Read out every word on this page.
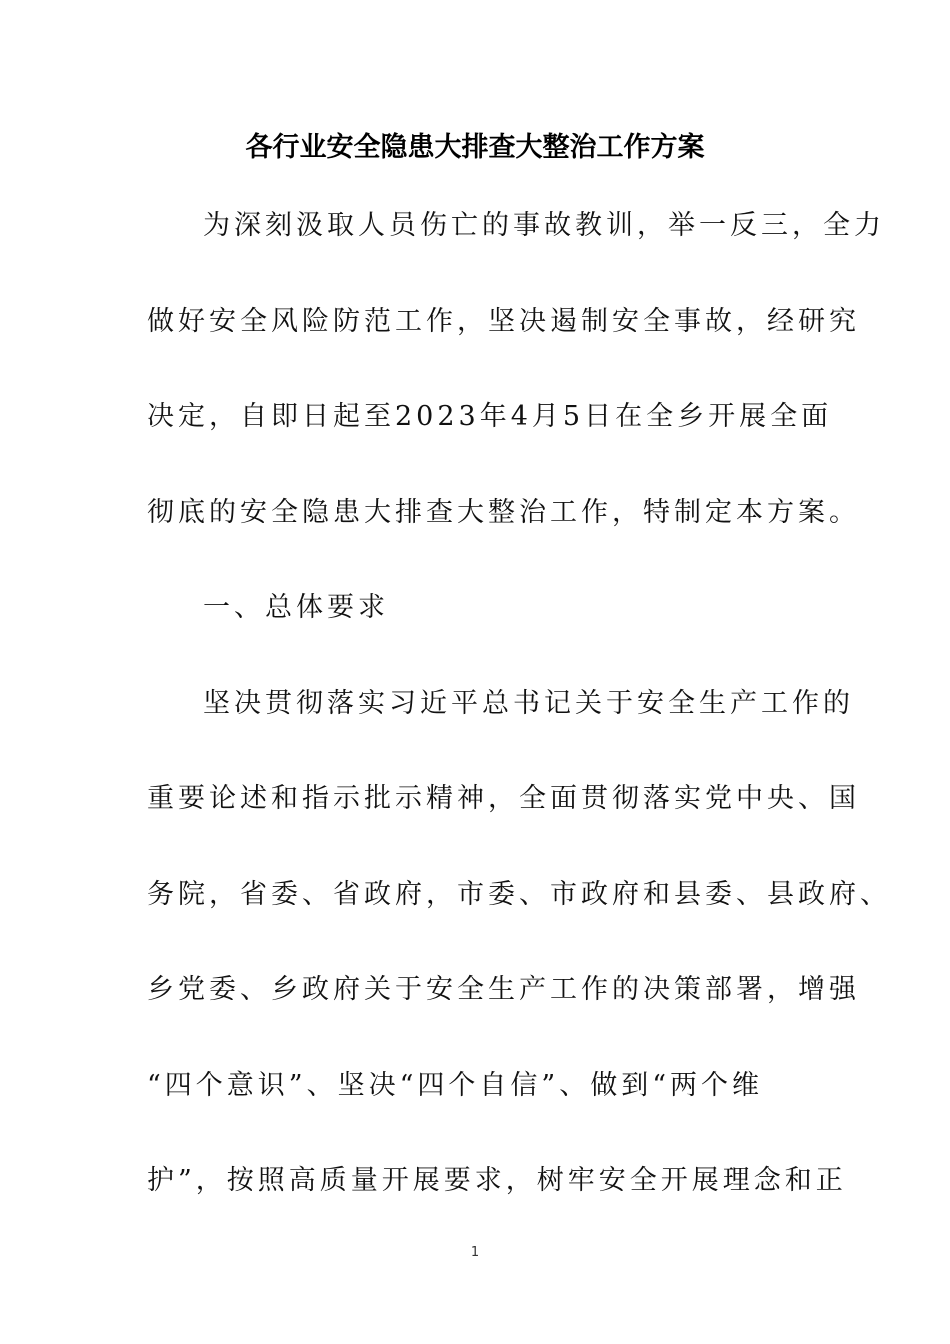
各行业安全隐患大排查大整治工作方案
为深刻汲取人员伤亡的事故教训，举一反三，全力
做好安全风险防范工作，坚决遏制安全事故，经研究
决定，自即日起至2023年4月5日在全乡开展全面
彻底的安全隐患大排查大整治工作，特制定本方案。
一、总体要求
坚决贯彻落实习近平总书记关于安全生产工作的
重要论述和指示批示精神，全面贯彻落实党中央、国
务院，省委、省政府，市委、市政府和县委、县政府、
乡党委、乡政府关于安全生产工作的决策部署，增强
“四个意识”、坚决“四个自信”、做到“两个维
护”，按照高质量开展要求，树牢安全开展理念和正
1
